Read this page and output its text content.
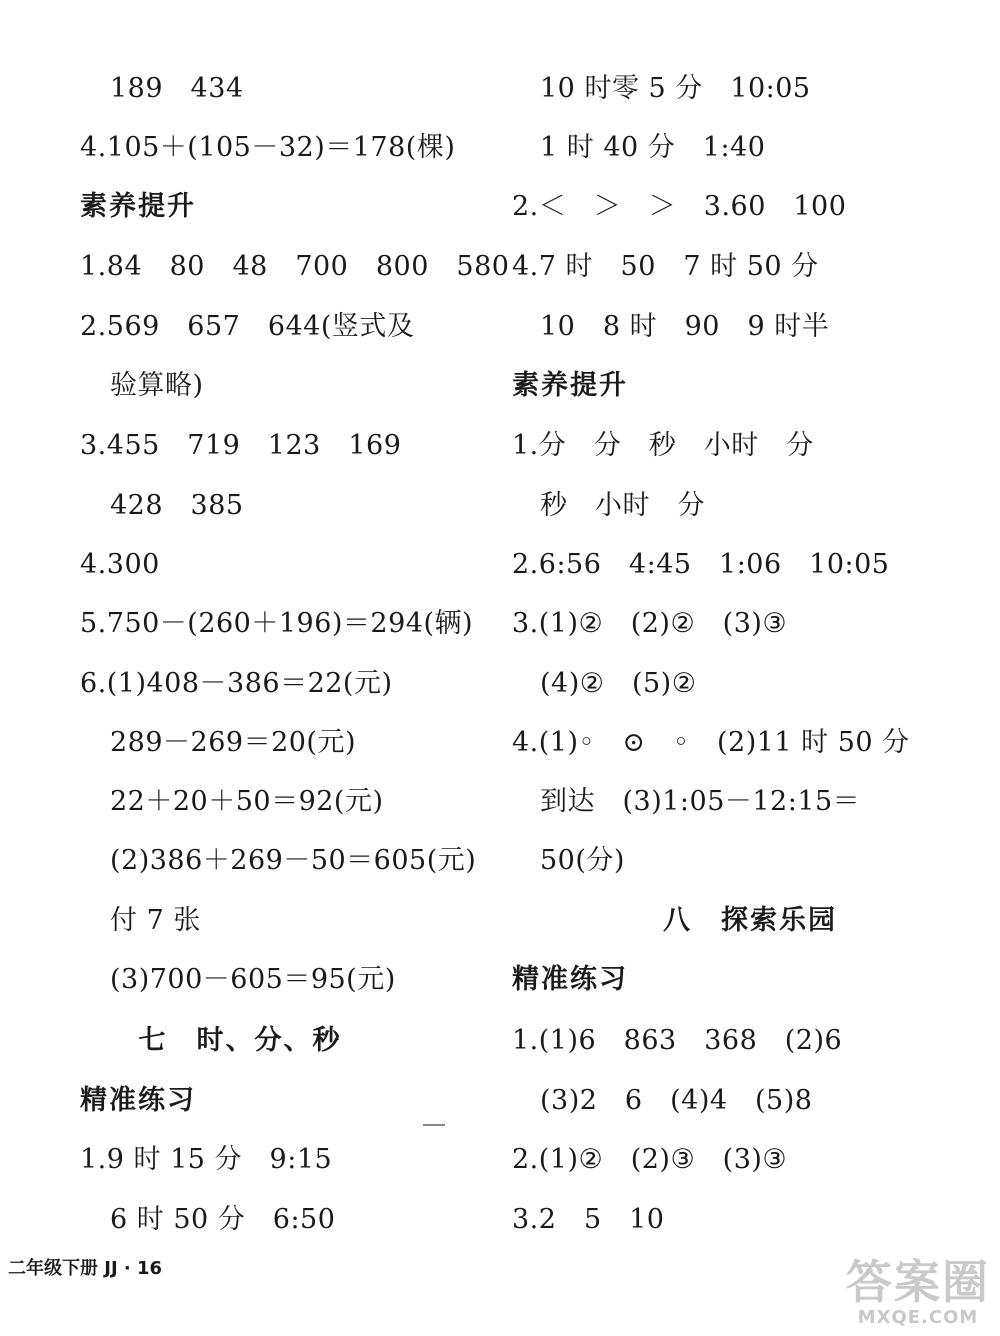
189　434
4.105＋(105－32)＝178(棵)
素养提升
1.84　80　48　700　800　580
2.569　657　644(竖式及
验算略)
3.455　719　123　169
428　385
4.300
5.750－(260＋196)＝294(辆)
6.(1)408－386＝22(元)
289－269＝20(元)
22＋20＋50＝92(元)
(2)386＋269－50＝605(元)
付 7 张
(3)700－605＝95(元)
七　时、分、秒
精准练习
1.9 时 15 分　9:15
6 时 50 分　6:50
10 时零 5 分　10:05
1 时 40 分　1:40
2.＜　＞　＞　3.60　100
4.7 时　50　7 时 50 分
10　8 时　90　9 时半
素养提升
1.分　分　秒　小时　分
秒　小时　分
2.6:56　4:45　1:06　10:05
3.(1)②　(2)②　(3)③
(4)②　(5)②
4.(1)◦　⊙　◦　(2)11 时 50 分
到达　(3)1:05－12:15＝
50(分)
八　探索乐园
精准练习
1.(1)6　863　368　(2)6
(3)2　6　(4)4　(5)8
2.(1)②　(2)③　(3)③
3.2　5　10
二年级下册 JJ · 16	答案圈
MXQE.COM
